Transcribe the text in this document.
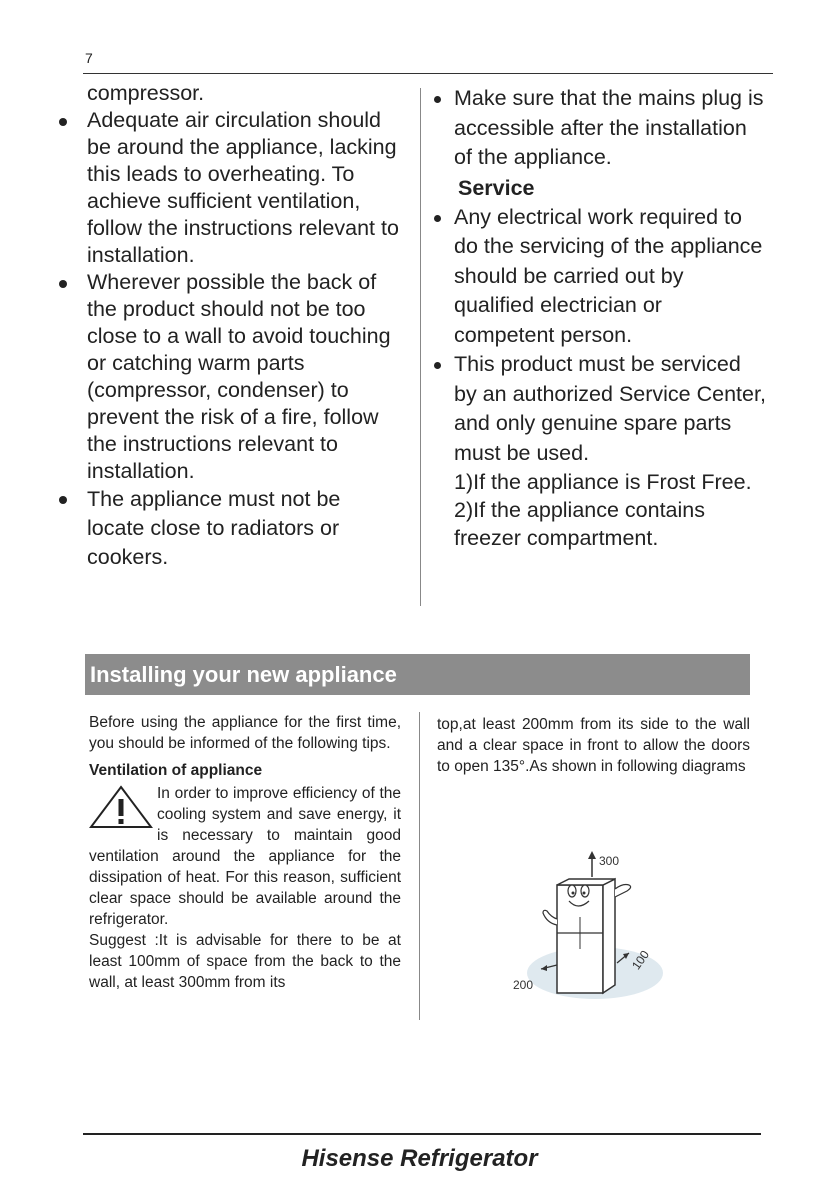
7

compressor.

Adequate air circulation should be around the appliance, lacking this leads to overheating. To achieve sufficient ventilation, follow the instructions relevant to installation.

Wherever possible the back of the product should not be too close to a wall to avoid touching or catching warm parts (compressor, condenser) to prevent the risk of a fire, follow the instructions relevant to installation.

The appliance must not be locate close to radiators or cookers.

Make sure that the mains plug is accessible after the installation of the appliance.

Service

Any electrical work required to do the servicing of the appliance should be carried out by qualified electrician or competent person.

This product must be serviced by an authorized Service Center, and only genuine spare parts must be used.

1)If the appliance is Frost Free.

2)If the appliance contains freezer compartment.

Installing your new appliance

Before using the appliance for the first time, you should be informed of the following tips.

Ventilation of appliance

In order to improve efficiency of the cooling system and save energy, it is necessary to maintain good ventilation around the appliance for the dissipation of heat. For this reason, sufficient clear space should be available around the refrigerator.

Suggest :It is advisable for there to be at least 100mm of space from the back to the wall, at least 300mm from its

top,at least 200mm from its side to the wall and a clear space in front to allow the doors to open 135°.As shown in following diagrams

300
100
200
Hisense Refrigerator
